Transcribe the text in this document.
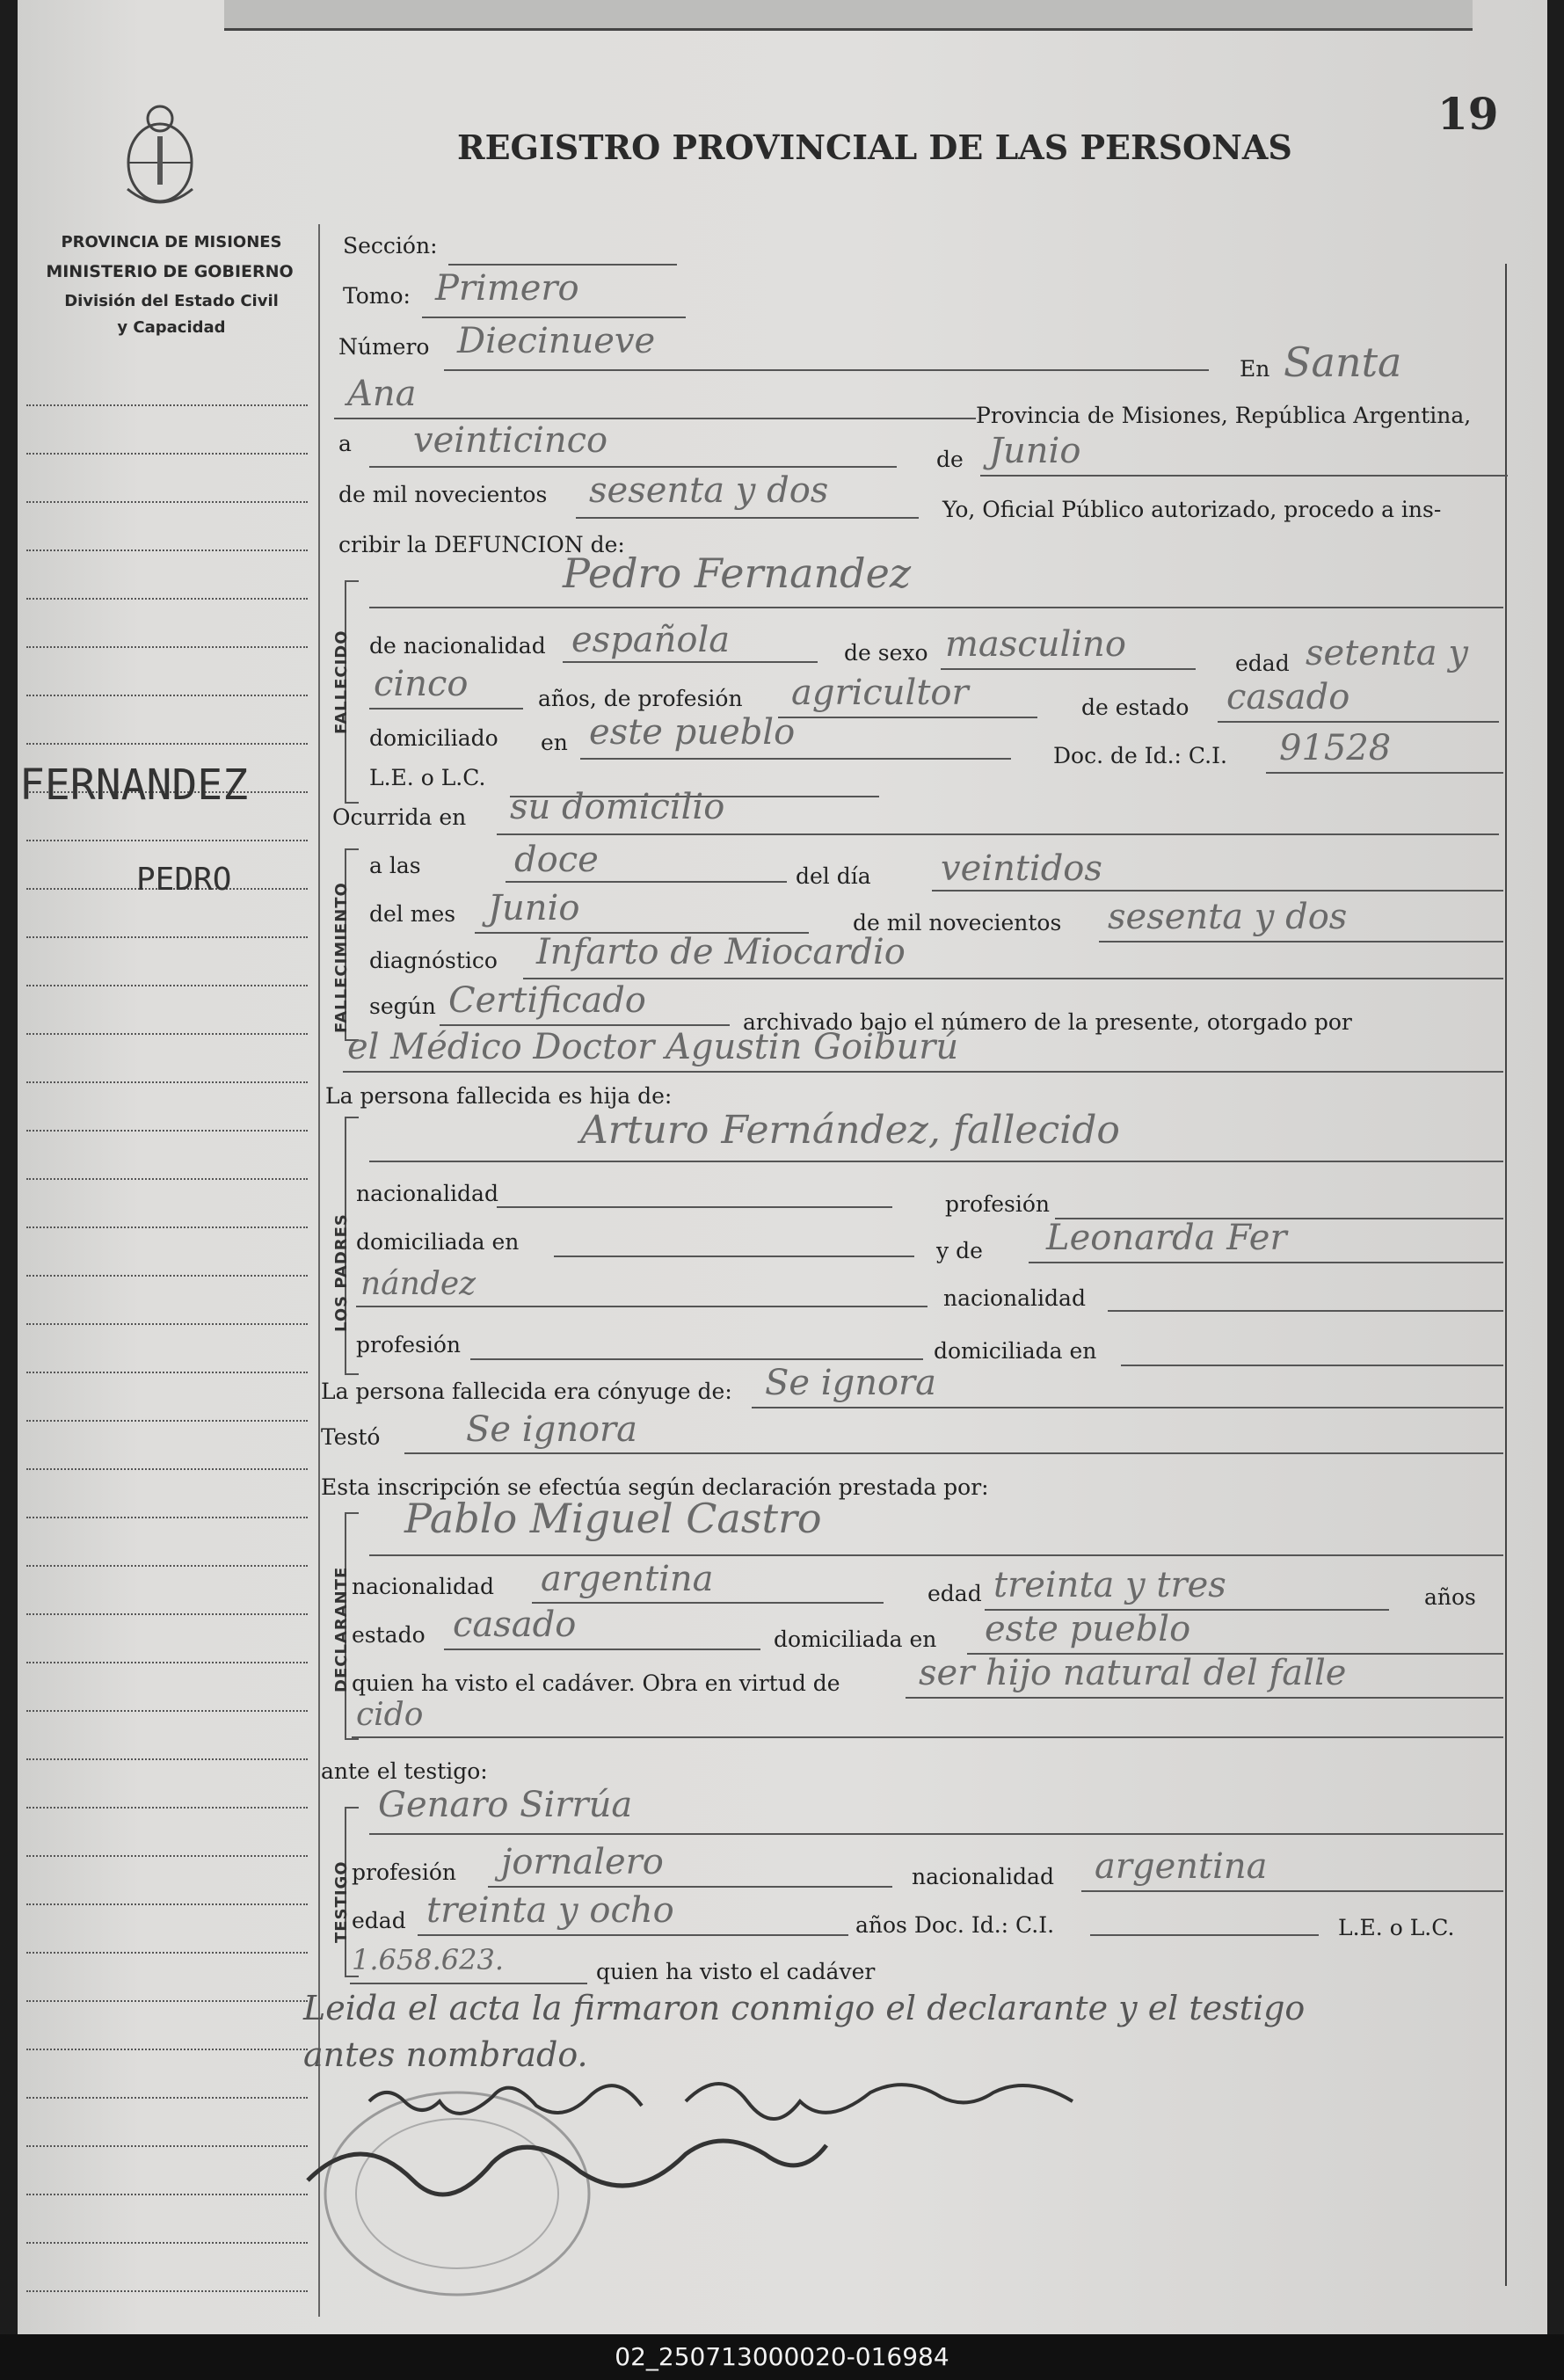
REGISTRO PROVINCIAL DE LAS PERSONAS
19
PROVINCIA DE MISIONES
MINISTERIO DE GOBIERNO
División del Estado Civil
y Capacidad
FERNANDEZ
PEDRO
Sección:
Tomo: Primero
Número Diecinueve
En Santa
Ana
Provincia de Misiones, República Argentina,
a veinticinco	de Junio
de mil novecientos sesenta y dos	Yo, Oficial Público autorizado, procedo a ins-
cribir la DEFUNCION de:
FALLECIDO
Pedro Fernandez
de nacionalidad española	de sexo masculino	edad setenta y
cinco	años, de profesión agricultor	de estado casado
domiciliado en este pueblo
Doc. de Id.: C.I. 91528
L.E. o L.C.
Ocurrida en su domicilio
FALLECIMIENTO
a las	doce	del día veintidos
del mes Junio	de mil novecientos sesenta y dos
diagnóstico Infarto de Miocardio
según Certificado
archivado bajo el número de la presente, otorgado por
el Médico Doctor Agustin Goiburú
La persona fallecida es hija de:
LOS PADRES
Arturo Fernández, fallecido
nacionalidad	profesión
domiciliada en	y de Leonarda Fer
nández	nacionalidad
profesión	domiciliada en
La persona fallecida era cónyuge de: Se ignora
Testó Se ignora
Esta inscripción se efectúa según declaración prestada por:
DECLARANTE
Pablo Miguel Castro
nacionalidad argentina	edad treinta y tres	años
estado casado	domiciliada en este pueblo
quien ha visto el cadáver. Obra en virtud de ser hijo natural del falle
cido
ante el testigo:
TESTIGO
Genaro Sirrúa
profesión jornalero	nacionalidad argentina
edad treinta y ocho	años Doc. Id.: C.I.	L.E. o L.C.
1.658.623.	quien ha visto el cadáver
Leida el acta la firmaron conmigo el declarante y el testigo
antes nombrado.
02_250713000020-016984
